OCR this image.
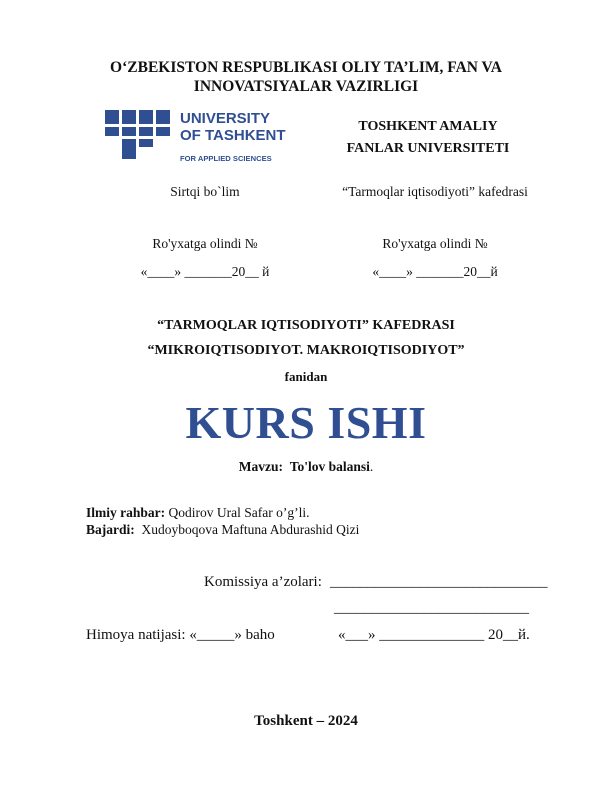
O‘ZBEKISTON RESPUBLIKASI OLIY TA’LIM, FAN VA
INNOVATSIYALAR VAZIRLIGI
UNIVERSITY
OF TASHKENT
FOR APPLIED SCIENCES
TOSHKENT AMALIY
FANLAR UNIVERSITETI
Sirtqi bo`lim	“Tarmoqlar iqtisodiyoti” kafedrasi
Ro'yxatga olindi №	Ro'yxatga olindi №
«____» _______20__ й	«____» _______20__й
“TARMOQLAR IQTISODIYOTI” KAFEDRASI
“MIKROIQTISODIYOT. MAKROIQTISODIYOT”
fanidan
KURS ISHI
Mavzu: To'lov balansi.
Ilmiy rahbar: Qodirov Ural Safar o’g’li.
Bajardi: Xudoyboqova Maftuna Abdurashid Qizi
Komissiya a’zolari: _____________________________
__________________________
Himoya natijasi: «_____» baho	«___» ______________ 20__й.
Toshkent – 2024
